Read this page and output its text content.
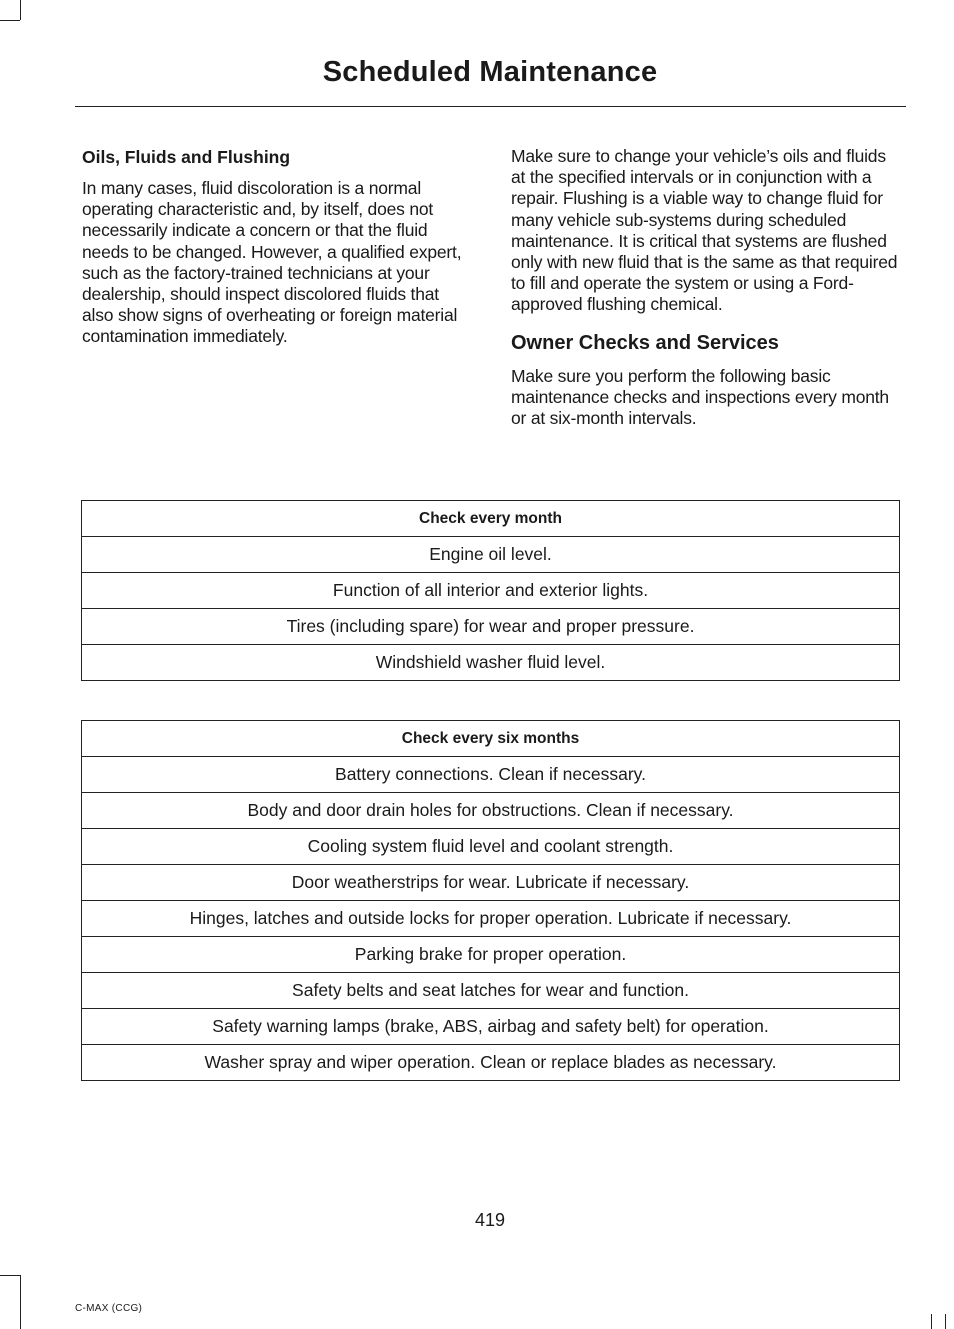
Scheduled Maintenance
Oils, Fluids and Flushing

In many cases, fluid discoloration is a normal operating characteristic and, by itself, does not necessarily indicate a concern or that the fluid needs to be changed. However, a qualified expert, such as the factory-trained technicians at your dealership, should inspect discolored fluids that also show signs of overheating or foreign material contamination immediately.

Make sure to change your vehicle’s oils and fluids at the specified intervals or in conjunction with a repair. Flushing is a viable way to change fluid for many vehicle sub-systems during scheduled maintenance. It is critical that systems are flushed only with new fluid that is the same as that required to fill and operate the system or using a Ford-approved flushing chemical.

Owner Checks and Services

Make sure you perform the following basic maintenance checks and inspections every month or at six-month intervals.

Check every month
Engine oil level.
Function of all interior and exterior lights.
Tires (including spare) for wear and proper pressure.
Windshield washer fluid level.
Check every six months
Battery connections. Clean if necessary.
Body and door drain holes for obstructions. Clean if necessary.
Cooling system fluid level and coolant strength.
Door weatherstrips for wear. Lubricate if necessary.
Hinges, latches and outside locks for proper operation. Lubricate if necessary.
Parking brake for proper operation.
Safety belts and seat latches for wear and function.
Safety warning lamps (brake, ABS, airbag and safety belt) for operation.
Washer spray and wiper operation. Clean or replace blades as necessary.
419
C-MAX (CCG)
